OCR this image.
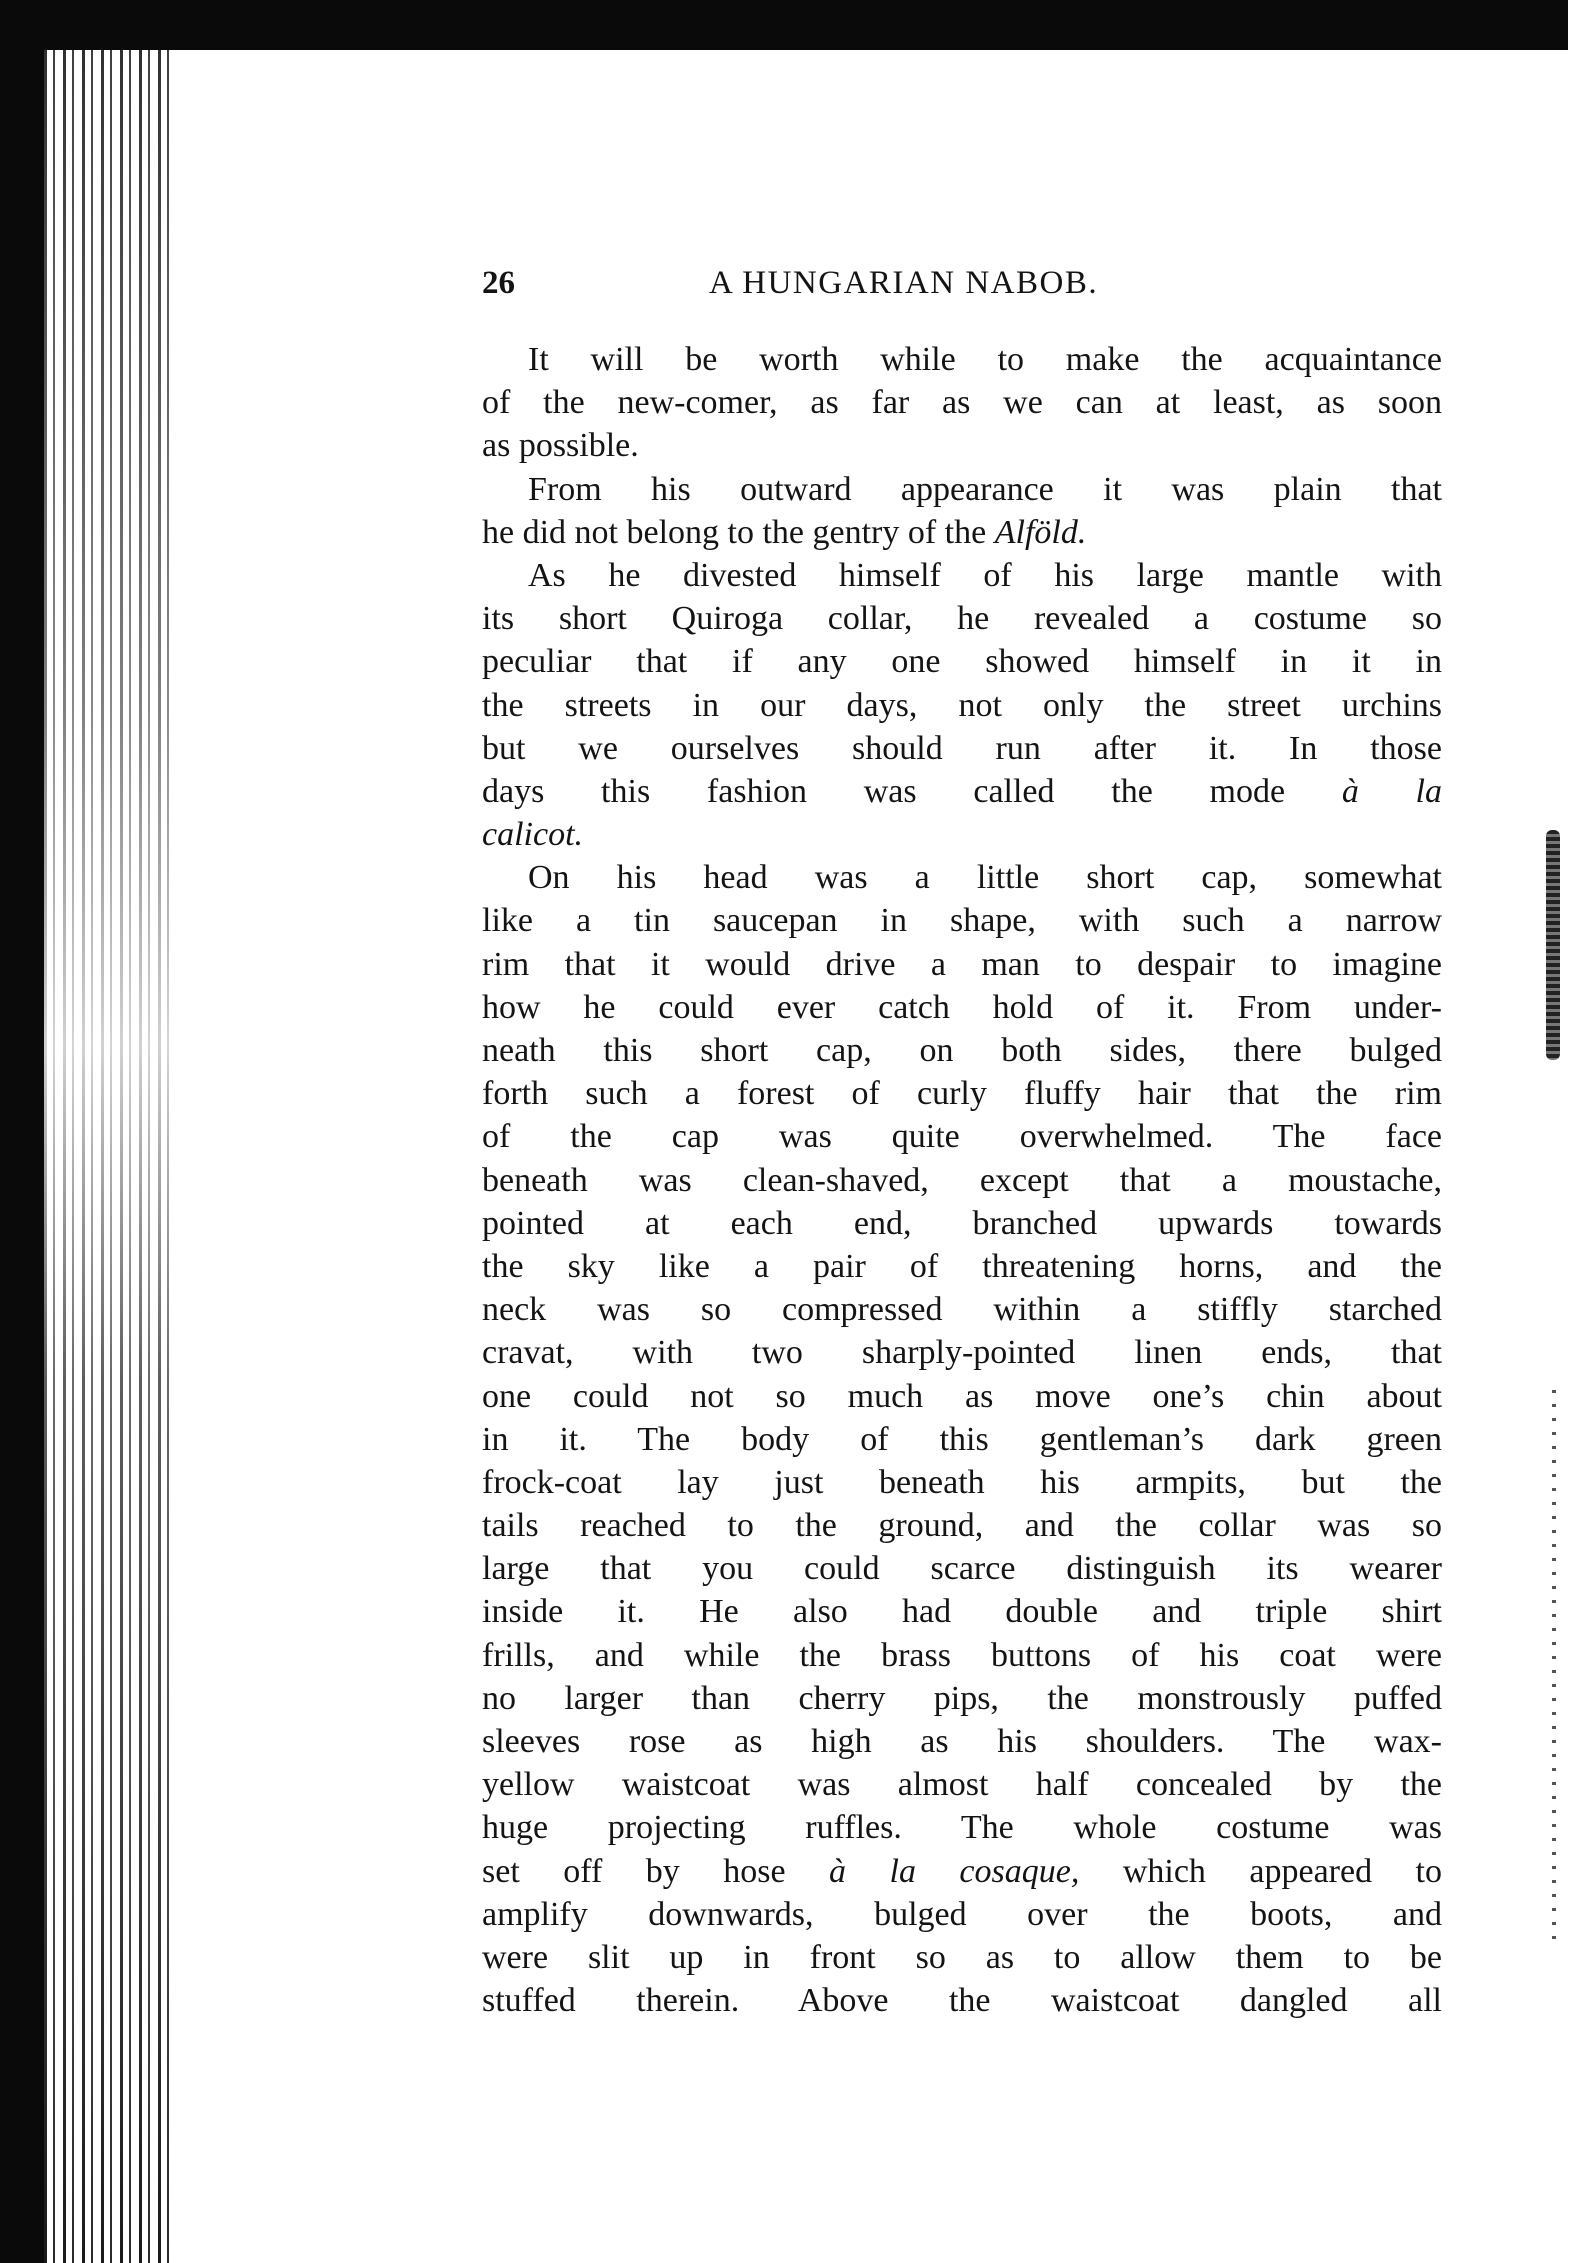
26	A HUNGARIAN NABOB.
It will be worth while to make the acquaintance
of the new-comer, as far as we can at least, as soon
as possible.
From his outward appearance it was plain that
he did not belong to the gentry of the Alföld.
As he divested himself of his large mantle with
its short Quiroga collar, he revealed a costume so
peculiar that if any one showed himself in it in
the streets in our days, not only the street urchins
but we ourselves should run after it. In those
days this fashion was called the mode à la
calicot.
On his head was a little short cap, somewhat
like a tin saucepan in shape, with such a narrow
rim that it would drive a man to despair to imagine
how he could ever catch hold of it. From under-
neath this short cap, on both sides, there bulged
forth such a forest of curly fluffy hair that the rim
of the cap was quite overwhelmed. The face
beneath was clean-shaved, except that a moustache,
pointed at each end, branched upwards towards
the sky like a pair of threatening horns, and the
neck was so compressed within a stiffly starched
cravat, with two sharply-pointed linen ends, that
one could not so much as move one’s chin about
in it. The body of this gentleman’s dark green
frock-coat lay just beneath his armpits, but the
tails reached to the ground, and the collar was so
large that you could scarce distinguish its wearer
inside it. He also had double and triple shirt
frills, and while the brass buttons of his coat were
no larger than cherry pips, the monstrously puffed
sleeves rose as high as his shoulders. The wax-
yellow waistcoat was almost half concealed by the
huge projecting ruffles. The whole costume was
set off by hose à la cosaque, which appeared to
amplify downwards, bulged over the boots, and
were slit up in front so as to allow them to be
stuffed therein. Above the waistcoat dangled all
